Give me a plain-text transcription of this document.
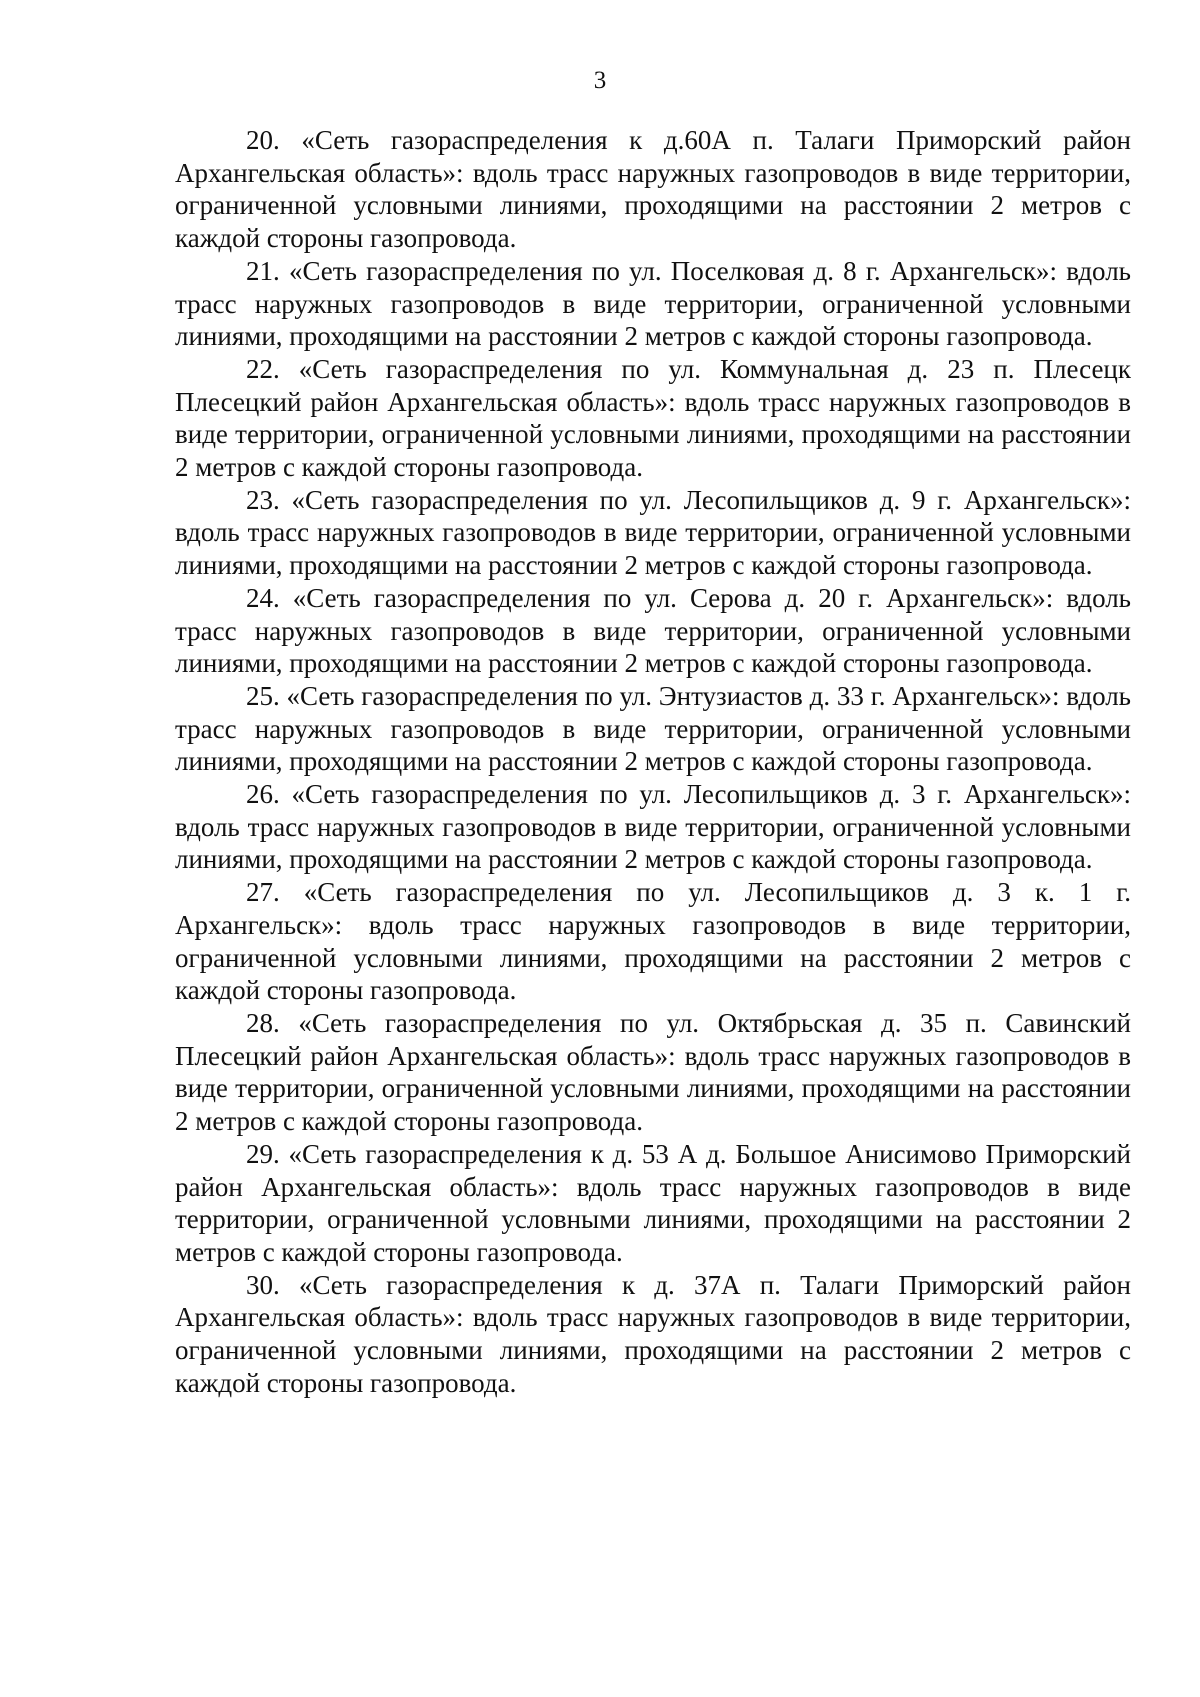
3

20. «Сеть газораспределения к д.60А п. Талаги Приморский район Архангельская область»: вдоль трасс наружных газопроводов в виде территории, ограниченной условными линиями, проходящими на расстоянии 2 метров с каждой стороны газопровода.

21. «Сеть газораспределения по ул. Поселковая д. 8 г. Архангельск»: вдоль трасс наружных газопроводов в виде территории, ограниченной условными линиями, проходящими на расстоянии 2 метров с каждой стороны газопровода.

22. «Сеть газораспределения по ул. Коммунальная д. 23 п. Плесецк Плесецкий район Архангельская область»: вдоль трасс наружных газопроводов в виде территории, ограниченной условными линиями, проходящими на расстоянии 2 метров с каждой стороны газопровода.

23. «Сеть газораспределения по ул. Лесопильщиков д. 9 г. Архангельск»: вдоль трасс наружных газопроводов в виде территории, ограниченной условными линиями, проходящими на расстоянии 2 метров с каждой стороны газопровода.

24. «Сеть газораспределения по ул. Серова д. 20 г. Архангельск»: вдоль трасс наружных газопроводов в виде территории, ограниченной условными линиями, проходящими на расстоянии 2 метров с каждой стороны газопровода.

25. «Сеть газораспределения по ул. Энтузиастов д. 33 г. Архангельск»: вдоль трасс наружных газопроводов в виде территории, ограниченной условными линиями, проходящими на расстоянии 2 метров с каждой стороны газопровода.

26. «Сеть газораспределения по ул. Лесопильщиков д. 3 г. Архангельск»: вдоль трасс наружных газопроводов в виде территории, ограниченной условными линиями, проходящими на расстоянии 2 метров с каждой стороны газопровода.

27. «Сеть газораспределения по ул. Лесопильщиков д. 3 к. 1 г. Архангельск»: вдоль трасс наружных газопроводов в виде территории, ограниченной условными линиями, проходящими на расстоянии 2 метров с каждой стороны газопровода.

28. «Сеть газораспределения по ул. Октябрьская д. 35 п. Савинский Плесецкий район Архангельская область»: вдоль трасс наружных газопроводов в виде территории, ограниченной условными линиями, проходящими на расстоянии 2 метров с каждой стороны газопровода.

29. «Сеть газораспределения к д. 53 А д. Большое Анисимово Приморский район Архангельская область»: вдоль трасс наружных газопроводов в виде территории, ограниченной условными линиями, проходящими на расстоянии 2 метров с каждой стороны газопровода.

30. «Сеть газораспределения к д. 37А п. Талаги Приморский район Архангельская область»: вдоль трасс наружных газопроводов в виде территории, ограниченной условными линиями, проходящими на расстоянии 2 метров с каждой стороны газопровода.
